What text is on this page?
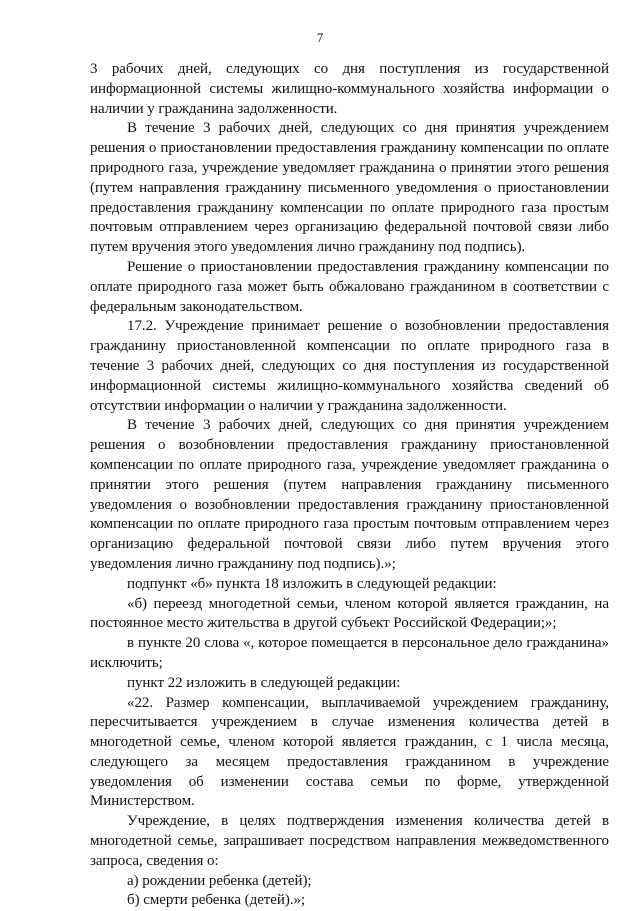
7

3 рабочих дней, следующих со дня поступления из государственной информационной системы жилищно-коммунального хозяйства информации о наличии у гражданина задолженности.

В течение 3 рабочих дней, следующих со дня принятия учреждением решения о приостановлении предоставления гражданину компенсации по оплате природного газа, учреждение уведомляет гражданина о принятии этого решения (путем направления гражданину письменного уведомления о приостановлении предоставления гражданину компенсации по оплате природного газа простым почтовым отправлением через организацию федеральной почтовой связи либо путем вручения этого уведомления лично гражданину под подпись).

Решение о приостановлении предоставления гражданину компенсации по оплате природного газа может быть обжаловано гражданином в соответствии с федеральным законодательством.

17.2. Учреждение принимает решение о возобновлении предоставления гражданину приостановленной компенсации по оплате природного газа в течение 3 рабочих дней, следующих со дня поступления из государственной информационной системы жилищно-коммунального хозяйства сведений об отсутствии информации о наличии у гражданина задолженности.

В течение 3 рабочих дней, следующих со дня принятия учреждением решения о возобновлении предоставления гражданину приостановленной компенсации по оплате природного газа, учреждение уведомляет гражданина о принятии этого решения (путем направления гражданину письменного уведомления о возобновлении предоставления гражданину приостановленной компенсации по оплате природного газа простым почтовым отправлением через организацию федеральной почтовой связи либо путем вручения этого уведомления лично гражданину под подпись).»;

подпункт «б» пункта 18 изложить в следующей редакции:

«б) переезд многодетной семьи, членом которой является гражданин, на постоянное место жительства в другой субъект Российской Федерации;»;

в пункте 20 слова «, которое помещается в персональное дело гражданина» исключить;

пункт 22 изложить в следующей редакции:

«22. Размер компенсации, выплачиваемой учреждением гражданину, пересчитывается учреждением в случае изменения количества детей в многодетной семье, членом которой является гражданин, с 1 числа месяца, следующего за месяцем предоставления гражданином в учреждение уведомления об изменении состава семьи по форме, утвержденной Министерством.

Учреждение, в целях подтверждения изменения количества детей в многодетной семье, запрашивает посредством направления межведомственного запроса, сведения о:

а) рождении ребенка (детей);

б) смерти ребенка (детей).»;
